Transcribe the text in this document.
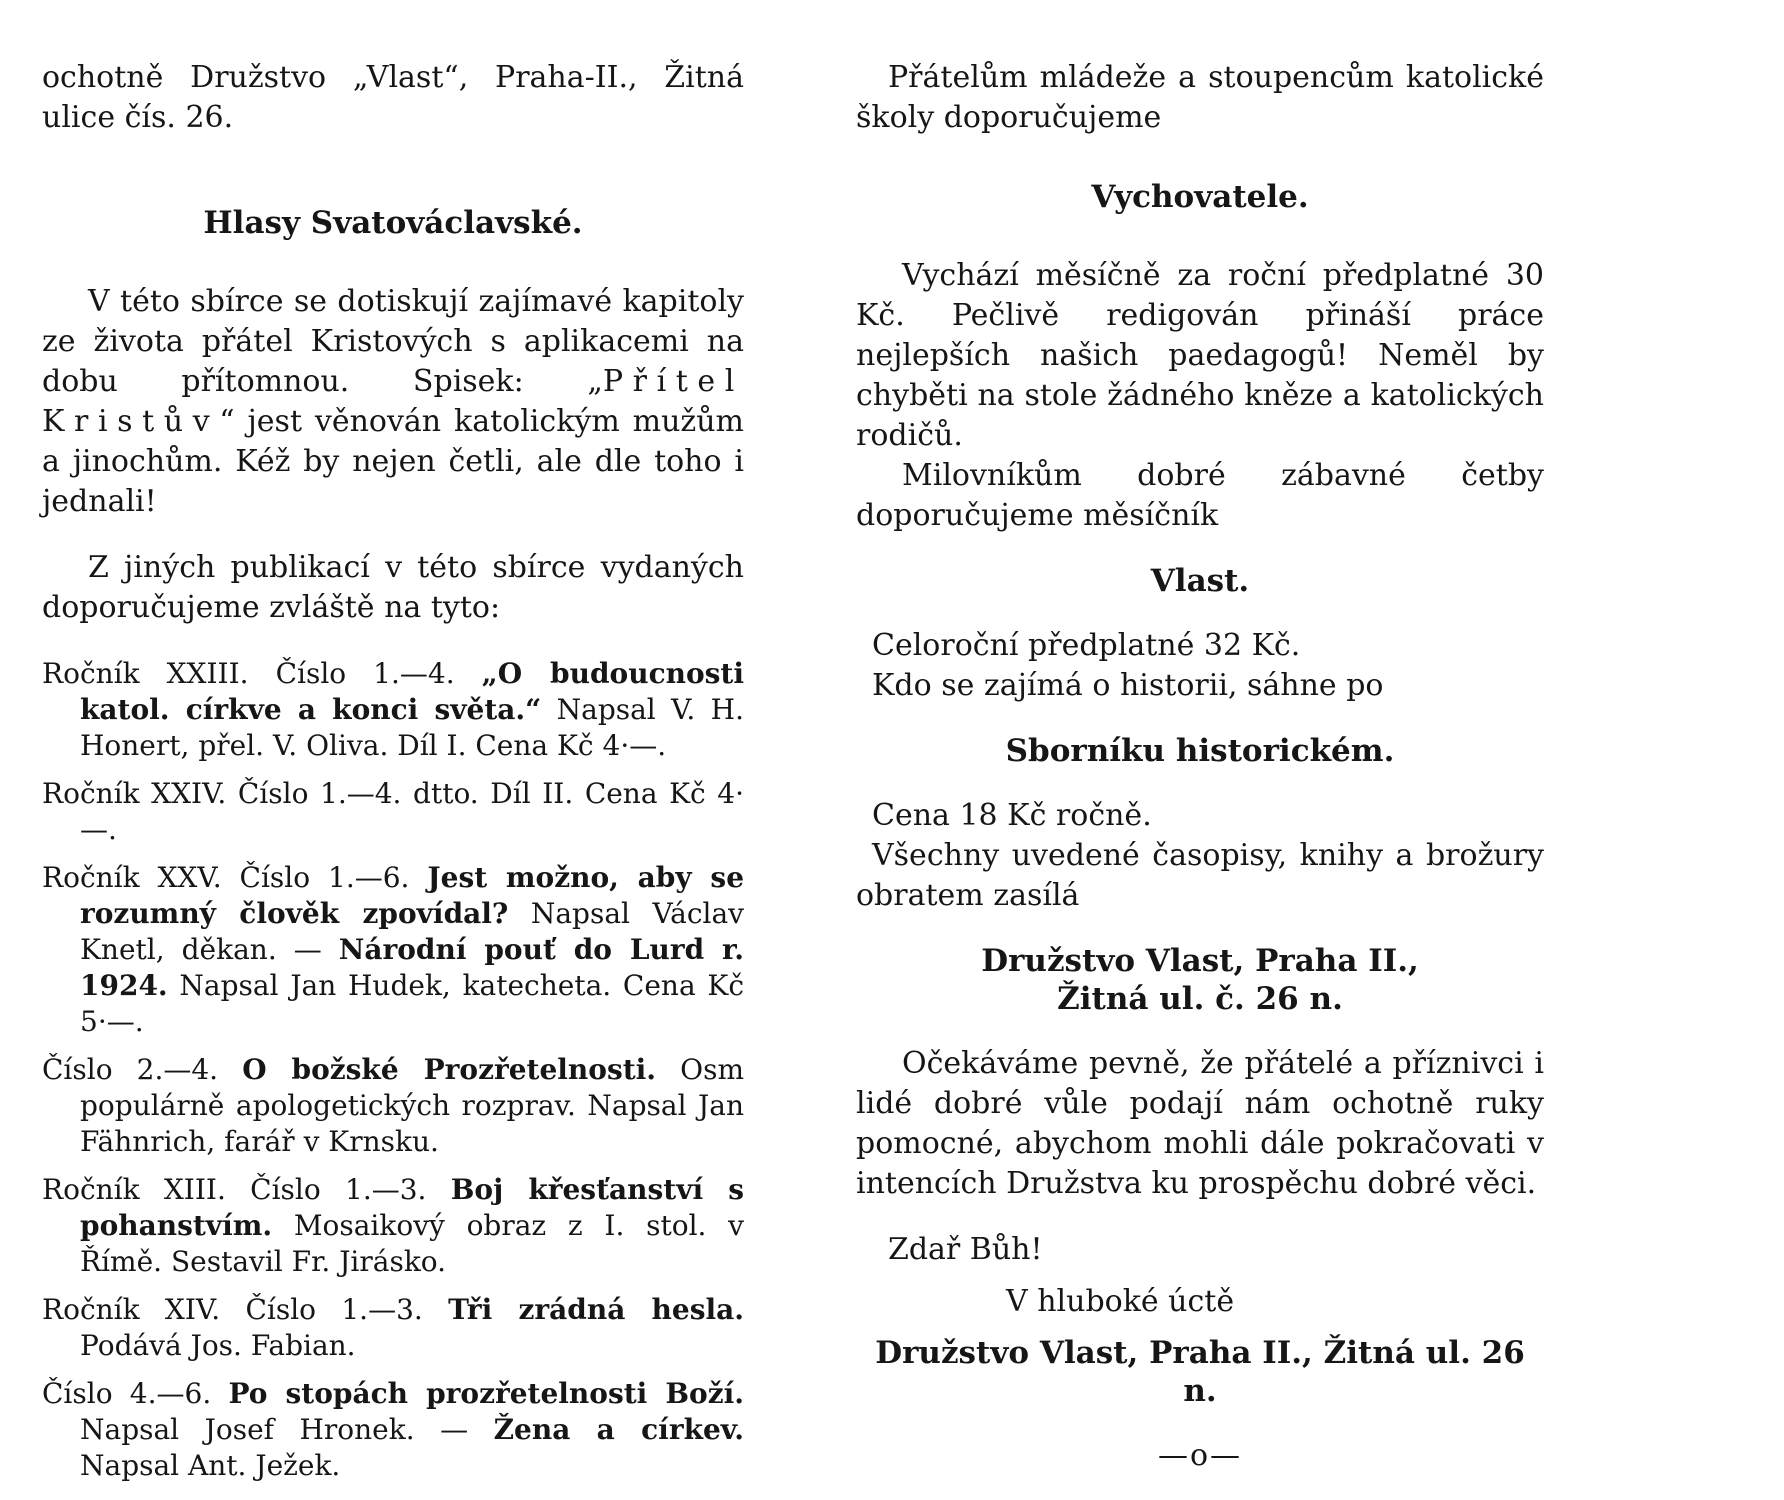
ochotně Družstvo „Vlast“, Praha-II., Žitná ulice čís. 26.

Hlasy Svatováclavské.

V této sbírce se dotiskují zajímavé kapitoly ze života přátel Kristových s aplikacemi na dobu přítomnou. Spisek: „Přítel Kristův“ jest věnován katolickým mužům a jinochům. Kéž by nejen četli, ale dle toho i jednali!

Z jiných publikací v této sbírce vydaných doporučujeme zvláště na tyto:

Ročník XXIII. Číslo 1.—4. „O budoucnosti katol. církve a konci světa.“ Napsal V. H. Honert, přel. V. Oliva. Díl I. Cena Kč 4·—.

Ročník XXIV. Číslo 1.—4. dtto. Díl II. Cena Kč 4·—.

Ročník XXV. Číslo 1.—6. Jest možno, aby se rozumný člověk zpovídal? Napsal Václav Knetl, děkan. — Národní pouť do Lurd r. 1924. Napsal Jan Hudek, katecheta. Cena Kč 5·—.

Číslo 2.—4. O božské Prozřetelnosti. Osm populárně apologetických rozprav. Napsal Jan Fähnrich, farář v Krnsku.

Ročník XIII. Číslo 1.—3. Boj křesťanství s pohanstvím. Mosaikový obraz z I. stol. v Římě. Sestavil Fr. Jirásko.

Ročník XIV. Číslo 1.—3. Tři zrádná hesla. Podává Jos. Fabian.

Číslo 4.—6. Po stopách prozřetelnosti Boží. Napsal Josef Hronek. — Žena a církev. Napsal Ant. Ježek.

Přátelům mládeže a stoupencům katolické školy doporučujeme

Vychovatele.

Vychází měsíčně za roční předplatné 30 Kč. Pečlivě redigován přináší práce nejlepších našich paedagogů! Neměl by chyběti na stole žádného kněze a katolických rodičů.

Milovníkům dobré zábavné četby doporučujeme měsíčník

Vlast.

Celoroční předplatné 32 Kč.

Kdo se zajímá o historii, sáhne po

Sborníku historickém.

Cena 18 Kč ročně.

Všechny uvedené časopisy, knihy a brožury obratem zasílá

Družstvo Vlast, Praha II.,

Žitná ul. č. 26 n.

Očekáváme pevně, že přátelé a příznivci i lidé dobré vůle podají nám ochotně ruky pomocné, abychom mohli dále pokračovati v intencích Družstva ku prospěchu dobré věci.

Zdař Bůh!

V hluboké úctě

Družstvo Vlast, Praha II., Žitná ul. 26 n.

—o—
